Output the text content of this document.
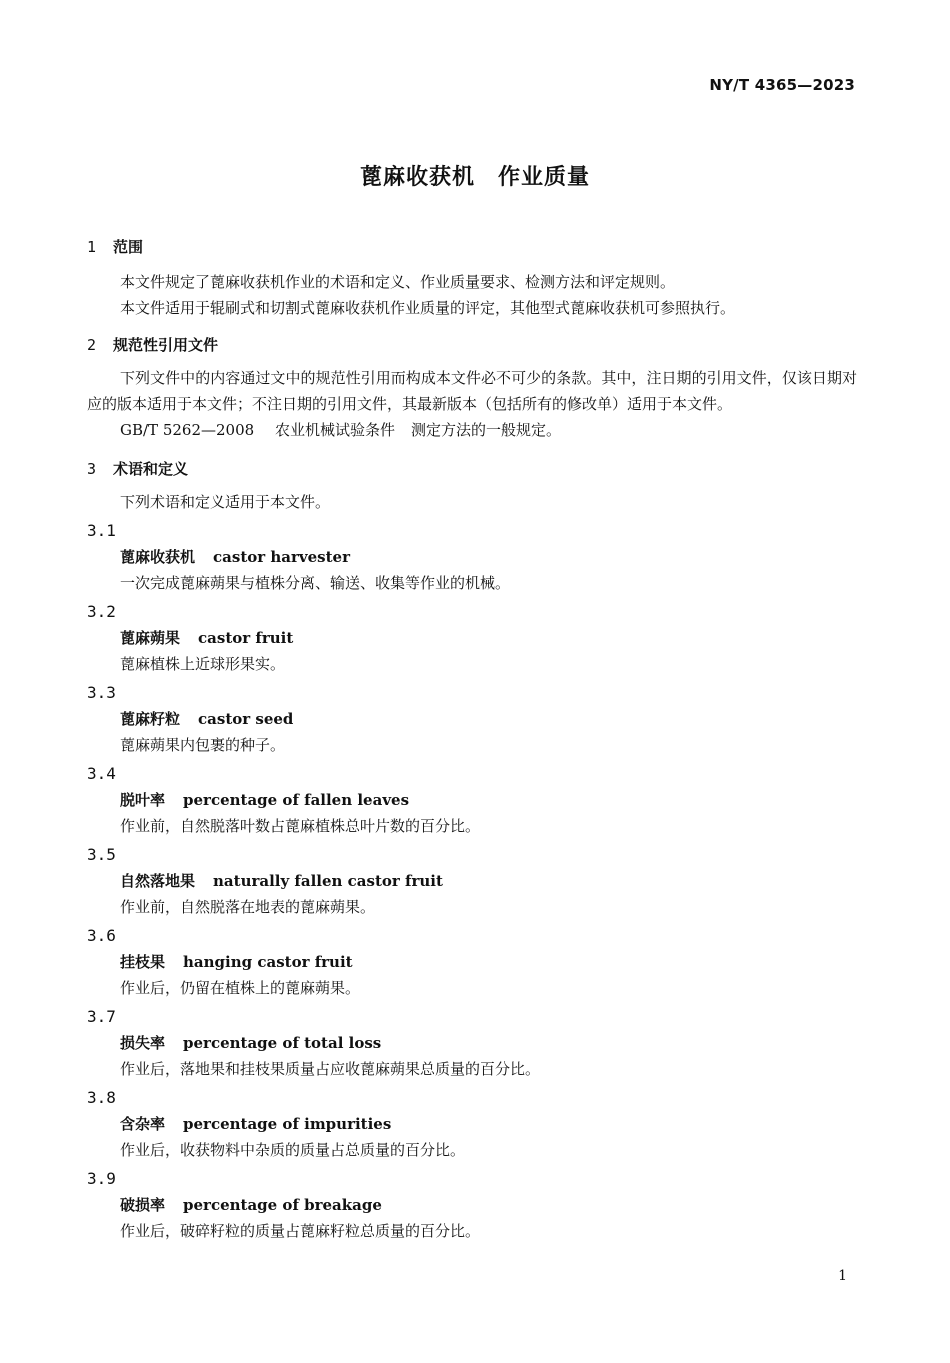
NY/T 4365—2023
蓖麻收获机　作业质量
1	范围

本文件规定了蓖麻收获机作业的术语和定义、作业质量要求、检测方法和评定规则。

本文件适用于辊刷式和切割式蓖麻收获机作业质量的评定，其他型式蓖麻收获机可参照执行。

2	规范性引用文件

下列文件中的内容通过文中的规范性引用而构成本文件必不可少的条款。其中，注日期的引用文件，仅该日期对应的版本适用于本文件；不注日期的引用文件，其最新版本（包括所有的修改单）适用于本文件。

GB/T 5262—2008 农业机械试验条件 测定方法的一般规定。
3	术语和定义

下列术语和定义适用于本文件。

3.1
蓖麻收获机 castor harvester
一次完成蓖麻蒴果与植株分离、输送、收集等作业的机械。
3.2
蓖麻蒴果 castor fruit
蓖麻植株上近球形果实。
3.3
蓖麻籽粒 castor seed
蓖麻蒴果内包裹的种子。
3.4
脱叶率 percentage of fallen leaves
作业前，自然脱落叶数占蓖麻植株总叶片数的百分比。
3.5
自然落地果 naturally fallen castor fruit
作业前，自然脱落在地表的蓖麻蒴果。
3.6
挂枝果 hanging castor fruit
作业后，仍留在植株上的蓖麻蒴果。
3.7
损失率 percentage of total loss
作业后，落地果和挂枝果质量占应收蓖麻蒴果总质量的百分比。
3.8
含杂率 percentage of impurities
作业后，收获物料中杂质的质量占总质量的百分比。
3.9
破损率 percentage of breakage
作业后，破碎籽粒的质量占蓖麻籽粒总质量的百分比。
1
